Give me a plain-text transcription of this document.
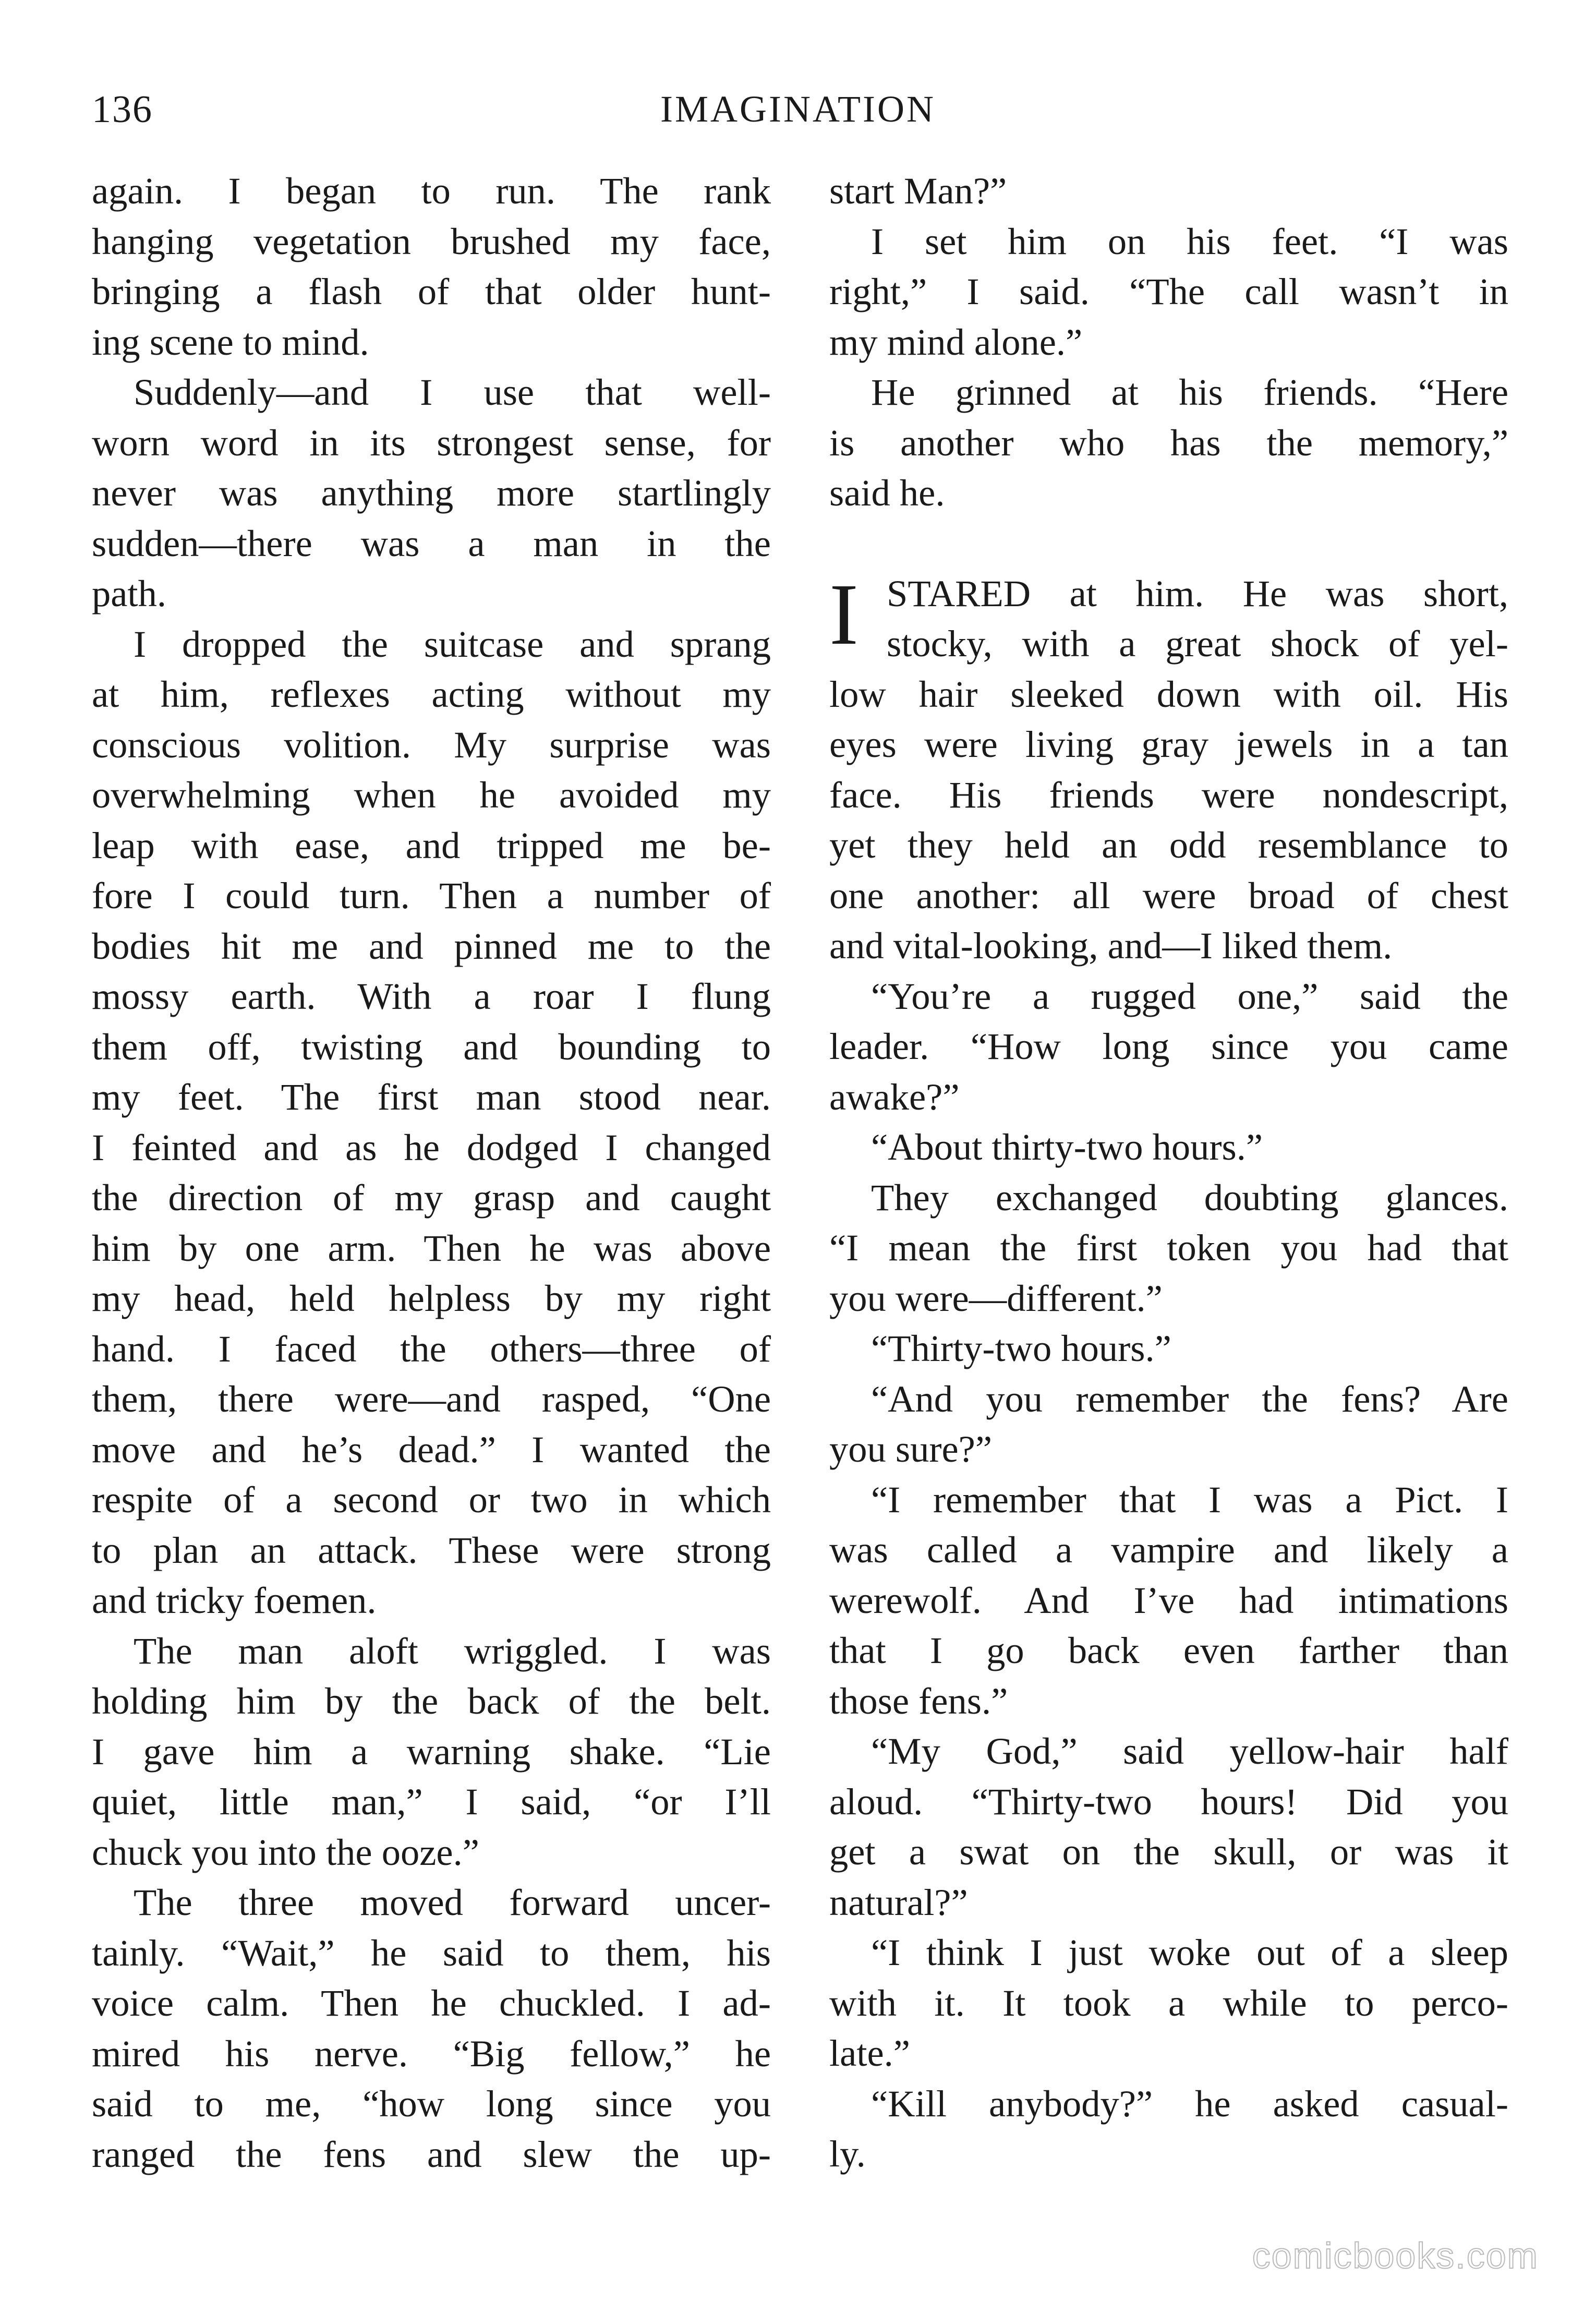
136	IMAGINATION
again. I began to run. The rank
hanging vegetation brushed my face,
bringing a flash of that older hunt-
ing scene to mind.
Suddenly—and I use that well-
worn word in its strongest sense, for
never was anything more startlingly
sudden—there was a man in the
path.
I dropped the suitcase and sprang
at him, reflexes acting without my
conscious volition. My surprise was
overwhelming when he avoided my
leap with ease, and tripped me be-
fore I could turn. Then a number of
bodies hit me and pinned me to the
mossy earth. With a roar I flung
them off, twisting and bounding to
my feet. The first man stood near.
I feinted and as he dodged I changed
the direction of my grasp and caught
him by one arm. Then he was above
my head, held helpless by my right
hand. I faced the others—three of
them, there were—and rasped, “One
move and he’s dead.” I wanted the
respite of a second or two in which
to plan an attack. These were strong
and tricky foemen.
The man aloft wriggled. I was
holding him by the back of the belt.
I gave him a warning shake. “Lie
quiet, little man,” I said, “or I’ll
chuck you into the ooze.”
The three moved forward uncer-
tainly. “Wait,” he said to them, his
voice calm. Then he chuckled. I ad-
mired his nerve. “Big fellow,” he
said to me, “how long since you
ranged the fens and slew the up-
start Man?”
I set him on his feet. “I was
right,” I said. “The call wasn’t in
my mind alone.”
He grinned at his friends. “Here
is another who has the memory,”
said he.
I STARED at him. He was short,
stocky, with a great shock of yel-
low hair sleeked down with oil. His
eyes were living gray jewels in a tan
face. His friends were nondescript,
yet they held an odd resemblance to
one another: all were broad of chest
and vital-looking, and—I liked them.
“You’re a rugged one,” said the
leader. “How long since you came
awake?”
“About thirty-two hours.”
They exchanged doubting glances.
“I mean the first token you had that
you were—different.”
“Thirty-two hours.”
“And you remember the fens? Are
you sure?”
“I remember that I was a Pict. I
was called a vampire and likely a
werewolf. And I’ve had intimations
that I go back even farther than
those fens.”
“My God,” said yellow-hair half
aloud. “Thirty-two hours! Did you
get a swat on the skull, or was it
natural?”
“I think I just woke out of a sleep
with it. It took a while to perco-
late.”
“Kill anybody?” he asked casual-
ly.
comicbooks.com
